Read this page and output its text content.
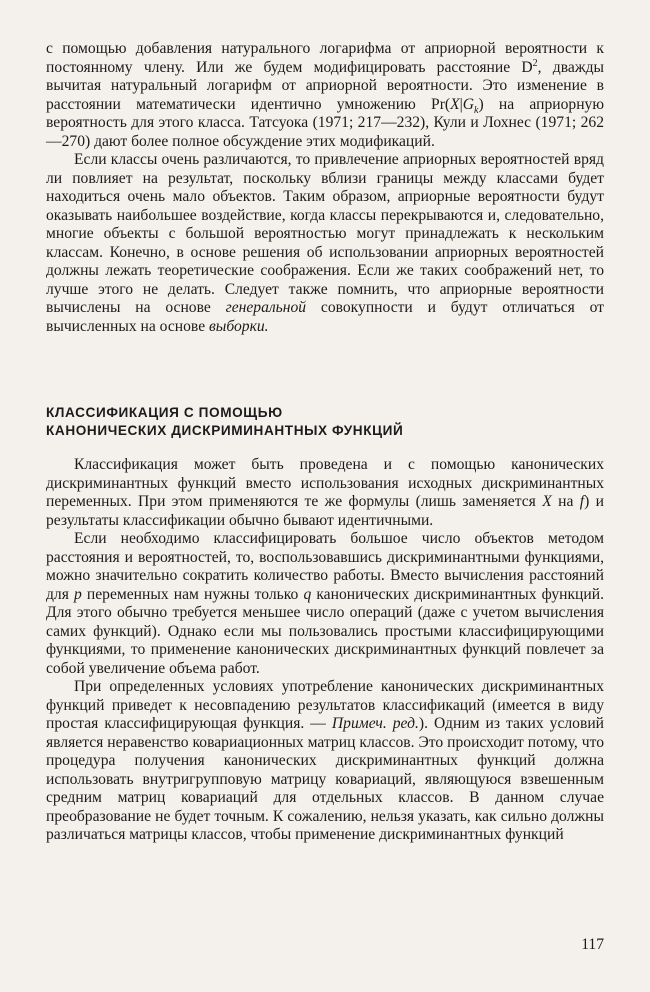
с помощью добавления натурального логарифма от априорной вероятности к постоянному члену. Или же будем модифицировать расстояние $D^2$, дважды вычитая натуральный логарифм от априорной вероятности. Это изменение в расстоянии математически идентично умножению $Pr(X|G_k)$ на априорную вероятность для этого класса. Татсуока (1971; 217—232), Кули и Лохнес (1971; 262—270) дают более полное обсуждение этих модификаций.

Если классы очень различаются, то привлечение априорных вероятностей вряд ли повлияет на результат, поскольку вблизи границы между классами будет находиться очень мало объектов. Таким образом, априорные вероятности будут оказывать наибольшее воздействие, когда классы перекрываются и, следовательно, многие объекты с большой вероятностью могут принадлежать к нескольким классам. Конечно, в основе решения об использовании априорных вероятностей должны лежать теоретические соображения. Если же таких соображений нет, то лучше этого не делать. Следует также помнить, что априорные вероятности вычислены на основе генеральной совокупности и будут отличаться от вычисленных на основе выборки.

КЛАССИФИКАЦИЯ С ПОМОЩЬЮ

КАНОНИЧЕСКИХ ДИСКРИМИНАНТНЫХ ФУНКЦИЙ

Классификация может быть проведена и с помощью канонических дискриминантных функций вместо использования исходных дискриминантных переменных. При этом применяются те же формулы (лишь заменяется X на f) и результаты классификации обычно бывают идентичными.

Если необходимо классифицировать большое число объектов методом расстояния и вероятностей, то, воспользовавшись дискриминантными функциями, можно значительно сократить количество работы. Вместо вычисления расстояний для p переменных нам нужны только q канонических дискриминантных функций. Для этого обычно требуется меньшее число операций (даже с учетом вычисления самих функций). Однако если мы пользовались простыми классифицирующими функциями, то применение канонических дискриминантных функций повлечет за собой увеличение объема работ.

При определенных условиях употребление канонических дискриминантных функций приведет к несовпадению результатов классификаций (имеется в виду простая классифицирующая функция. — Примеч. ред.). Одним из таких условий является неравенство ковариационных матриц классов. Это происходит потому, что процедура получения канонических дискриминантных функций должна использовать внутригрупповую матрицу ковариаций, являющуюся взвешенным средним матриц ковариаций для отдельных классов. В данном случае преобразование не будет точным. К сожалению, нельзя указать, как сильно должны различаться матрицы классов, чтобы применение дискриминантных функций

117
